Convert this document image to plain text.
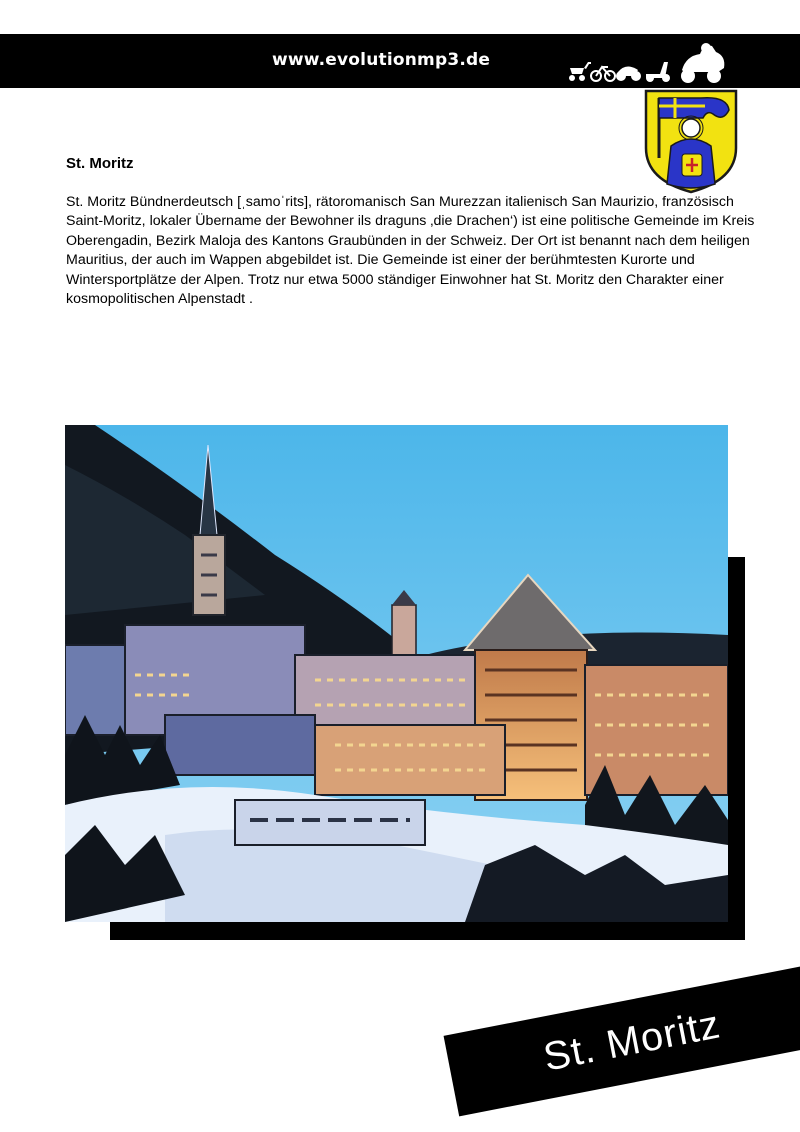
www.evolutionmp3.de
St. Moritz
St. Moritz Bündnerdeutsch [ˌsamoˈrits], rätoromanisch San Murezzan italienisch San Maurizio, französisch Saint-Moritz, lokaler Übername der Bewohner ils draguns ‚die Drachen‘) ist eine politische Gemeinde im Kreis Oberengadin, Bezirk Maloja des Kantons Graubünden in der Schweiz. Der Ort ist benannt nach dem heiligen Mauritius, der auch im Wappen abgebildet ist. Die Gemeinde ist einer der berühmtesten Kurorte und Wintersportplätze der Alpen. Trotz nur etwa 5000 ständiger Einwohner hat St. Moritz den Charakter einer kosmopolitischen Alpenstadt .
St. Moritz
